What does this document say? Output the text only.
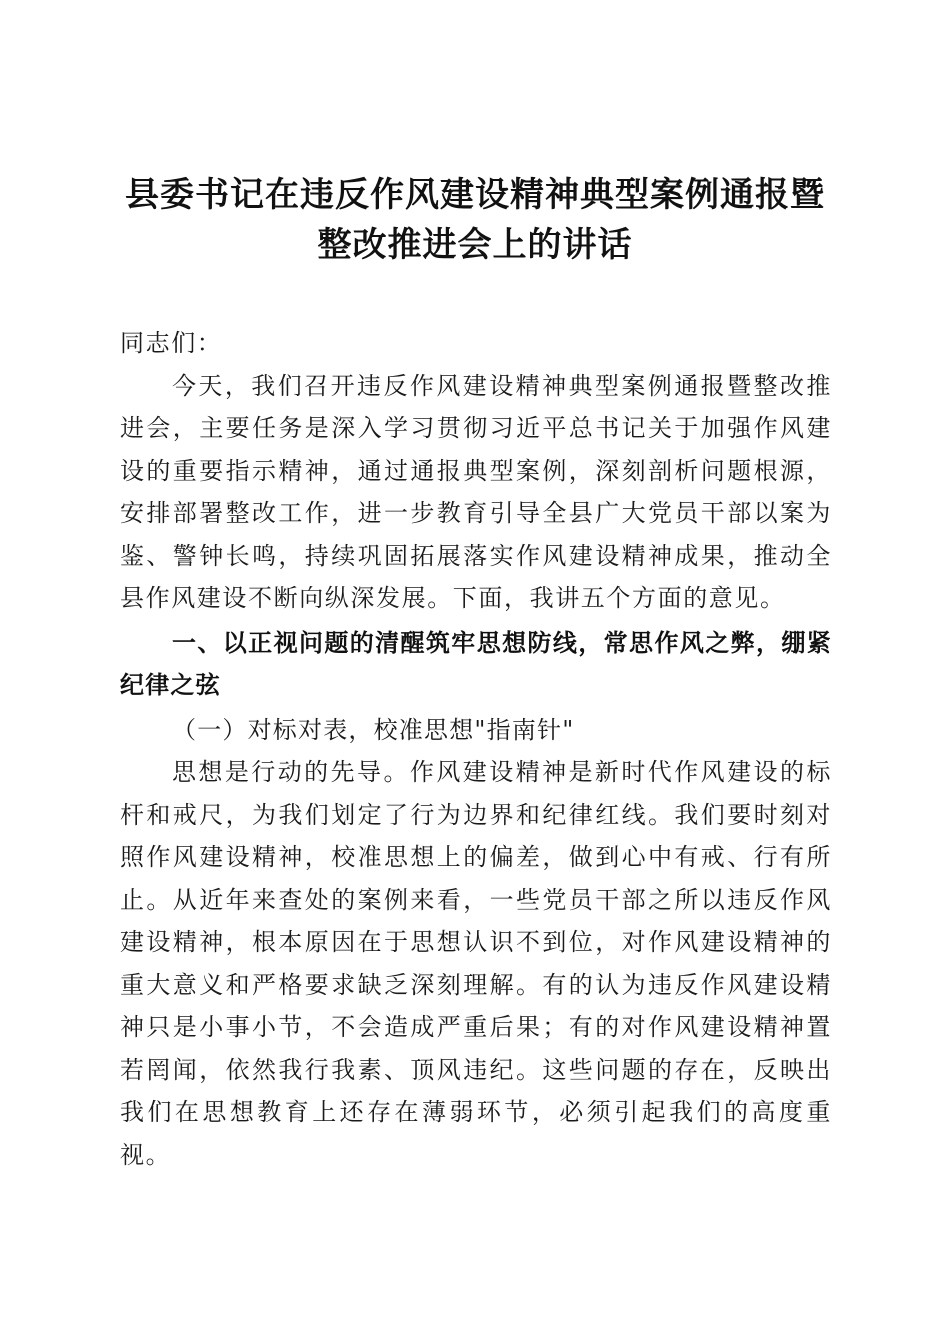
县委书记在违反作风建设精神典型案例通报暨
整改推进会上的讲话

同志们：

今天，我们召开违反作风建设精神典型案例通报暨整改推进会，主要任务是深入学习贯彻习近平总书记关于加强作风建设的重要指示精神，通过通报典型案例，深刻剖析问题根源，安排部署整改工作，进一步教育引导全县广大党员干部以案为鉴、警钟长鸣，持续巩固拓展落实作风建设精神成果，推动全县作风建设不断向纵深发展。下面，我讲五个方面的意见。

一、以正视问题的清醒筑牢思想防线，常思作风之弊，绷紧纪律之弦

（一）对标对表，校准思想"指南针"

思想是行动的先导。作风建设精神是新时代作风建设的标杆和戒尺，为我们划定了行为边界和纪律红线。我们要时刻对照作风建设精神，校准思想上的偏差，做到心中有戒、行有所止。从近年来查处的案例来看，一些党员干部之所以违反作风建设精神，根本原因在于思想认识不到位，对作风建设精神的重大意义和严格要求缺乏深刻理解。有的认为违反作风建设精神只是小事小节，不会造成严重后果；有的对作风建设精神置若罔闻，依然我行我素、顶风违纪。这些问题的存在，反映出我们在思想教育上还存在薄弱环节，必须引起我们的高度重视。
